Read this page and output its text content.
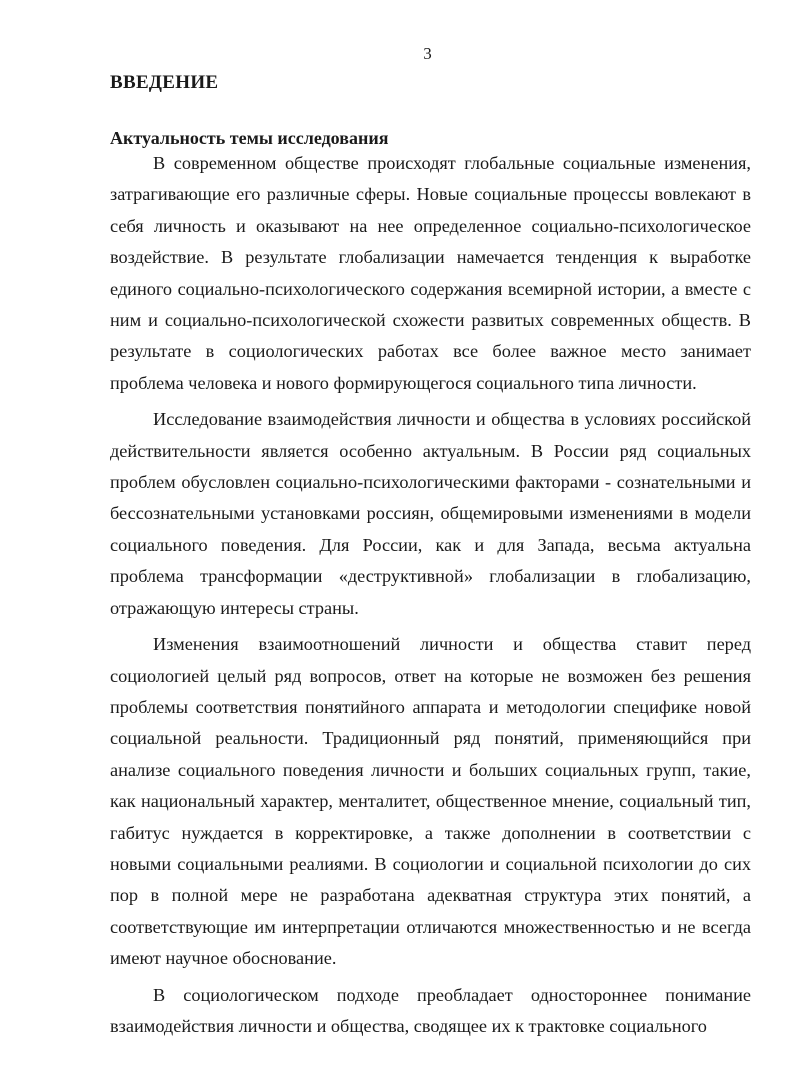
3
ВВЕДЕНИЕ
Актуальность темы исследования

В современном обществе происходят глобальные социальные изменения, затрагивающие его различные сферы. Новые социальные процессы вовлекают в себя личность и оказывают на нее определенное социально-психологическое воздействие. В результате глобализации намечается тенденция к выработке единого социально-психологического содержания всемирной истории, а вместе с ним и социально-психологической схожести развитых современных обществ. В результате в социологических работах все более важное место занимает проблема человека и нового формирующегося социального типа личности.

Исследование взаимодействия личности и общества в условиях российской действительности является особенно актуальным. В России ряд социальных проблем обусловлен социально-психологическими факторами - сознательными и бессознательными установками россиян, общемировыми изменениями в модели социального поведения. Для России, как и для Запада, весьма актуальна проблема трансформации «деструктивной» глобализации в глобализацию, отражающую интересы страны.

Изменения взаимоотношений личности и общества ставит перед социологией целый ряд вопросов, ответ на которые не возможен без решения проблемы соответствия понятийного аппарата и методологии специфике новой социальной реальности. Традиционный ряд понятий, применяющийся при анализе социального поведения личности и больших социальных групп, такие, как национальный характер, менталитет, общественное мнение, социальный тип, габитус нуждается в корректировке, а также дополнении в соответствии с новыми социальными реалиями. В социологии и социальной психологии до сих пор в полной мере не разработана адекватная структура этих понятий, а соответствующие им интерпретации отличаются множественностью и не всегда имеют научное обоснование.

В социологическом подходе преобладает одностороннее понимание взаимодействия личности и общества, сводящее их к трактовке социального
